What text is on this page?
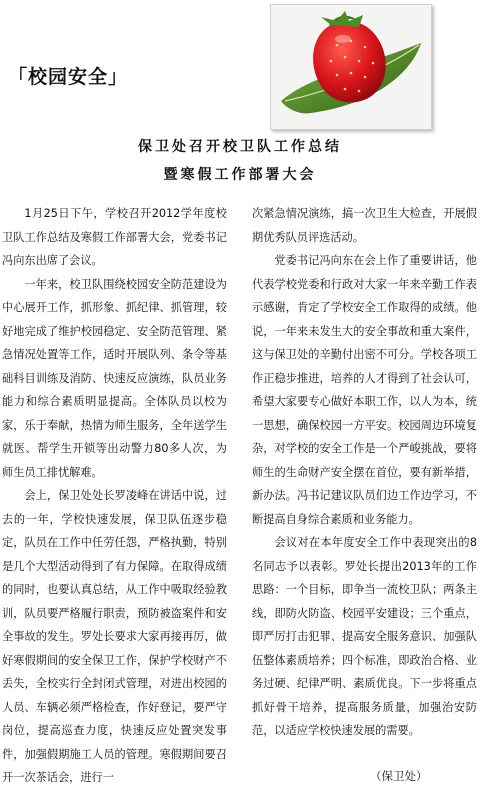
「校园安全」
保卫处召开校卫队工作总结
暨寒假工作部署大会

1月25日下午，学校召开2012学年度校卫队工作总结及寒假工作部署大会，党委书记冯向东出席了会议。

一年来，校卫队围绕校园安全防范建设为中心展开工作，抓形象、抓纪律、抓管理，较好地完成了维护校园稳定、安全防范管理、紧急情况处置等工作，适时开展队列、条令等基础科目训练及消防、快速反应演练，队员业务能力和综合素质明显提高。全体队员以校为家，乐于奉献，热情为师生服务，全年送学生就医、帮学生开锁等出动警力80多人次，为师生员工排忧解难。

会上，保卫处处长罗凌峰在讲话中说，过去的一年，学校快速发展，保卫队伍逐步稳定，队员在工作中任劳任怨，严格执勤，特别是几个大型活动得到了有力保障。在取得成绩的同时，也要认真总结，从工作中吸取经验教训，队员要严格履行职责，预防被盗案件和安全事故的发生。罗处长要求大家再接再厉，做好寒假期间的安全保卫工作，保护学校财产不丢失，全校实行全封闭式管理，对进出校园的人员、车辆必须严格检查，作好登记，要严守岗位，提高巡查力度，快速反应处置突发事件，加强假期施工人员的管理。寒假期间要召开一次茶话会，进行一

次紧急情况演练，搞一次卫生大检查，开展假期优秀队员评选活动。

党委书记冯向东在会上作了重要讲话，他代表学校党委和行政对大家一年来辛勤工作表示感谢，肯定了学校安全工作取得的成绩。他说，一年来未发生大的安全事故和重大案件，这与保卫处的辛勤付出密不可分。学校各项工作正稳步推进，培养的人才得到了社会认可，希望大家要专心做好本职工作，以人为本，统一思想，确保校园一方平安。校园周边环境复杂，对学校的安全工作是一个严峻挑战，要将师生的生命财产安全摆在首位，要有新举措，新办法。冯书记建议队员们边工作边学习，不断提高自身综合素质和业务能力。

会议对在本年度安全工作中表现突出的8名同志予以表彰。罗处长提出2013年的工作思路：一个目标，即争当一流校卫队；两条主线，即防火防盗、校园平安建设；三个重点，即严厉打击犯罪、提高安全服务意识、加强队伍整体素质培养；四个标准，即政治合格、业务过硬、纪律严明、素质优良。下一步将重点抓好骨干培养，提高服务质量，加强治安防范，以适应学校快速发展的需要。

（保卫处）
